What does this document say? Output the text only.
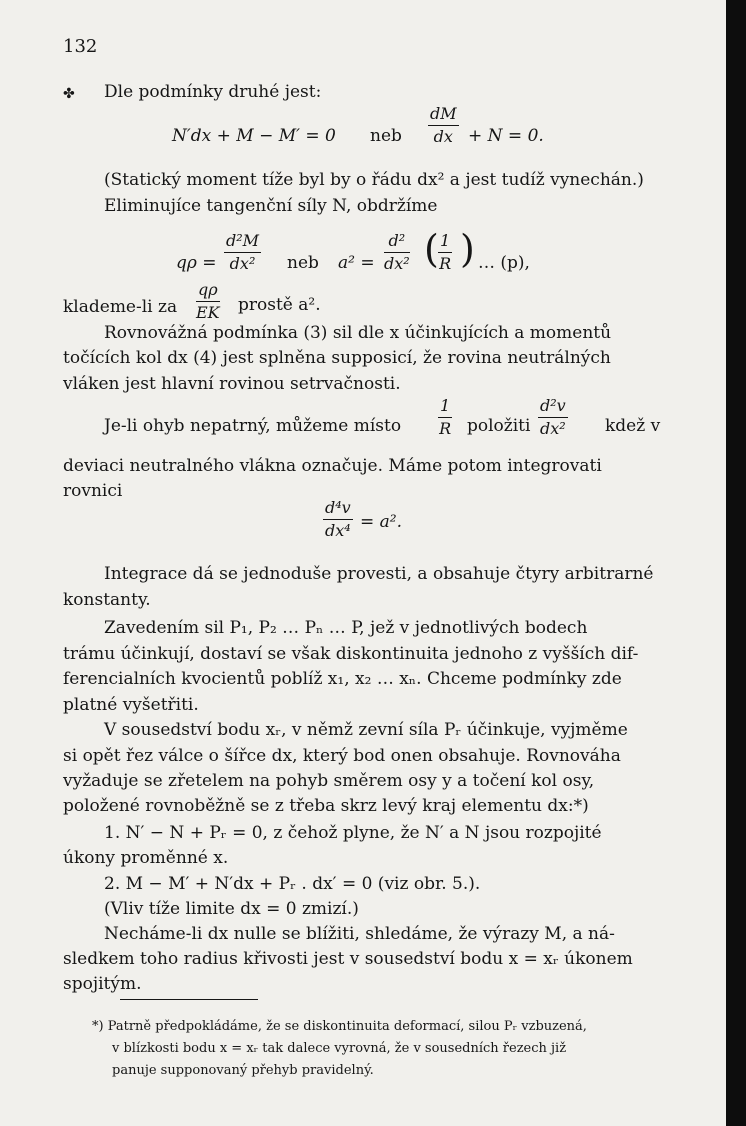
132
✤ Dle podmínky druhé jest:
N′dx + M − M′ = 0 neb $\frac{dM}{dx} + N = 0$.
(Statický moment tíže byl by o řádu dx² a jest tudíž vynechán.)
Eliminujíce tangenční síly N, obdržíme
$q\rho = \frac{\text{d²M}}{\text{dx²}}$ neb $a^2 = \frac{\text{d²}}{\text{dx²}}$ ( $\frac{1}{R}$ ) … (p),
klademe-li za $\frac{q\rho}{EK}$ prostě a².
Rovnovážná podmínka (3) sil dle x účinkujících a momentů
točících kol dx (4) jest splněna supposicí, že rovina neutrálných
vláken jest hlavní rovinou setrvačnosti.
Je-li ohyb nepatrný, můžeme místo $\frac{1}{R}$ položiti $\frac{\text{d²v}}{\text{dx²}}$ kdež v
deviaci neutralného vlákna označuje. Máme potom integrovati
rovnici
$\frac{\text{d⁴v}}{\text{dx⁴}} = a^2$.
Integrace dá se jednoduše provesti, a obsahuje čtyry arbitrarné
konstanty.
Zavedením sil P₁, P₂ … Pₙ … P, jež v jednotlivých bodech
trámu účinkují, dostaví se však diskontinuita jednoho z vyšších dif-
ferencialních kvocientů poblíž x₁, x₂ … xₙ. Chceme podmínky zde
platné vyšetřiti.
V sousedství bodu xᵣ, v němž zevní síla Pᵣ účinkuje, vyjměme
si opět řez válce o šířce dx, který bod onen obsahuje. Rovnováha
vyžaduje se zřetelem na pohyb směrem osy y a točení kol osy,
položené rovnoběžně se z třeba skrz levý kraj elementu dx:*)
1. N′ − N + Pᵣ = 0, z čehož plyne, že N′ a N jsou rozpojité
úkony proměnné x.
2. M − M′ + N′dx + Pᵣ . dx′ = 0 (viz obr. 5.).
(Vliv tíže limite dx = 0 zmizí.)
Necháme-li dx nulle se blížiti, shledáme, že výrazy M, a ná-
sledkem toho radius křivosti jest v sousedství bodu x = xᵣ úkonem
spojitým.
*) Patrně předpokládáme, že se diskontinuita deformací, silou Pᵣ vzbuzená,
v blízkosti bodu x = xᵣ tak dalece vyrovná, že v sousedních řezech již
panuje supponovaný přehyb pravidelný.
